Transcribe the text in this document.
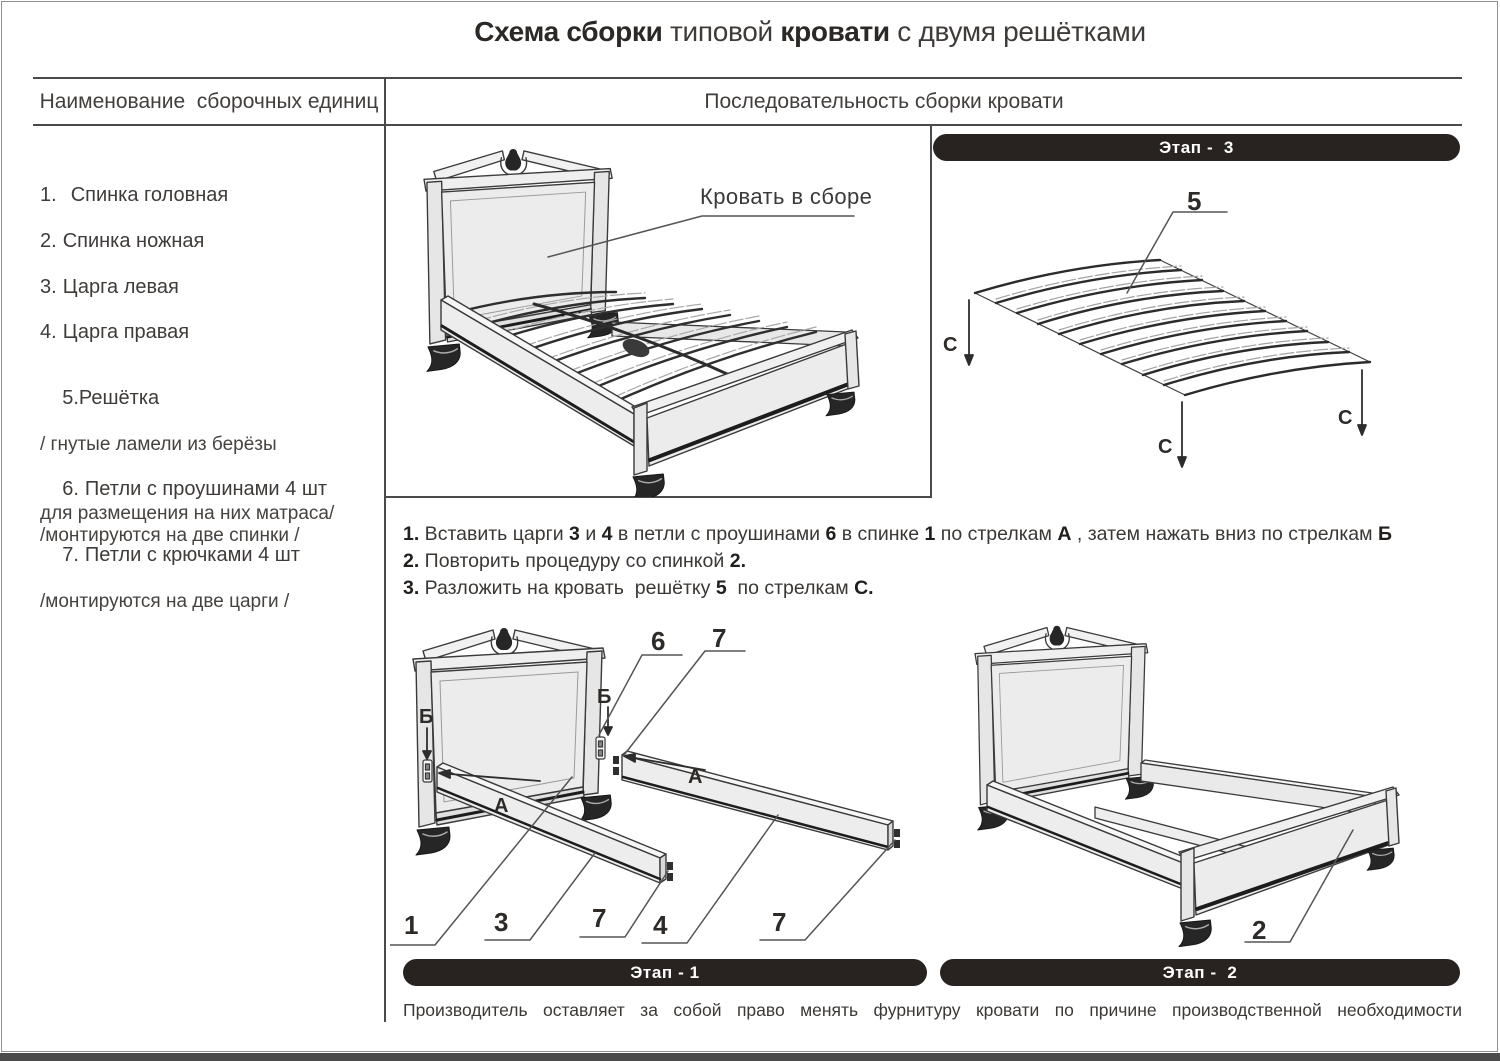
Схема сборки типовой кровати с двумя решётками
Наименование  сборочных единиц	Последовательность сборки кровати
1. Спинка головная
2. Спинка ножная
3. Царга левая
4. Царга правая

5.Решётка

/ гнутые ламели из берёзы

для размещения на них матраса/

6. Петли с проушинами 4 шт

/монтируются на две спинки /

7. Петли с крючками 4 шт

/монтируются на две царги /

Кровать в сборе
Этап -  3
5
С
С
С
1. Вставить царги 3 и 4 в петли с проушинами 6 в спинке 1 по стрелкам А , затем нажать вниз по стрелкам Б
2. Повторить процедуру со спинкой 2.
3. Разложить на кровать  решётку 5  по стрелкам С.
6 7
Б
Б
А
А
1	3	7 4	7	2
Этап - 1	Этап -  2
Производитель оставляет за собой право менять фурнитуру кровати по причине производственной необходимости
